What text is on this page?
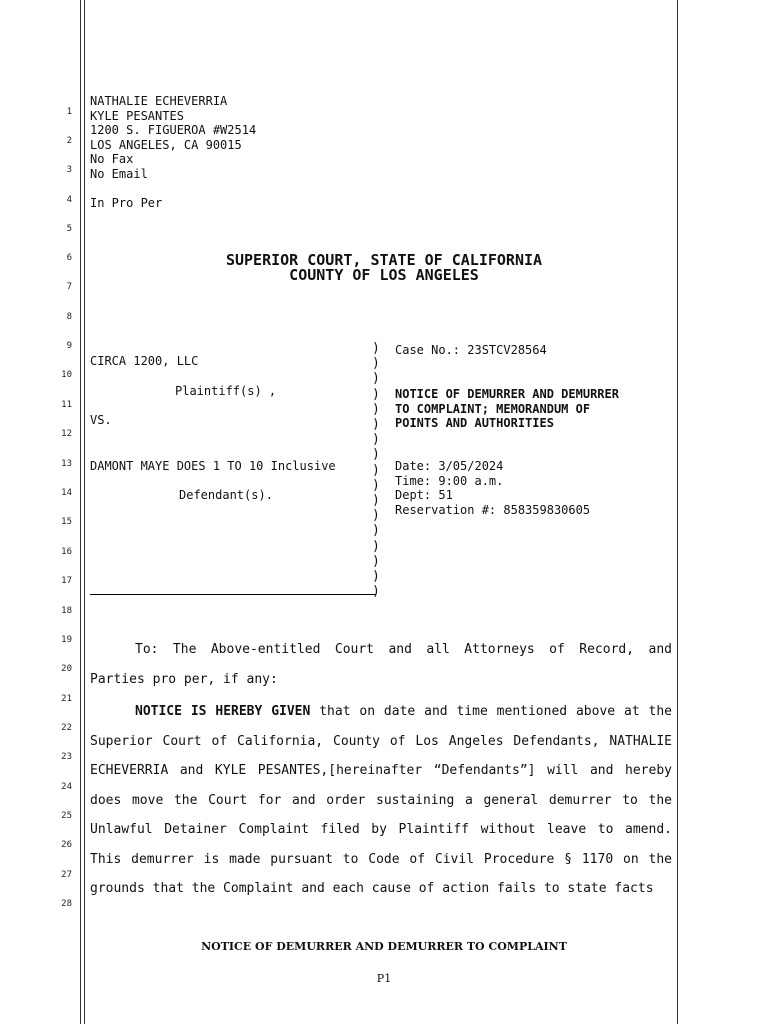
1
2
3
4
5
6
7
8
9
10
11
12
13
14
15
16
17
18
19
20
21
22
23
24
25
26
27
28
NATHALIE ECHEVERRIA
KYLE PESANTES
1200 S. FIGUEROA #W2514
LOS ANGELES, CA 90015
No Fax
No Email
In Pro Per
SUPERIOR COURT, STATE OF CALIFORNIA
COUNTY OF LOS ANGELES
CIRCA 1200, LLC
Plaintiff(s) ,
VS.
DAMONT MAYE DOES 1 TO 10 Inclusive
Defendant(s).
)
)
)
)
)
)
)
)
)
)
)
)
)
)
)
)
)
Case No.: 23STCV28564
NOTICE OF DEMURRER AND DEMURRER
TO COMPLAINT; MEMORANDUM OF
POINTS AND AUTHORITIES
Date: 3/05/2024
Time: 9:00 a.m.
Dept: 51
Reservation #: 858359830605
To: The Above-entitled Court and all Attorneys of Record, and Parties pro per, if any:
NOTICE IS HEREBY GIVEN that on date and time mentioned above at the Superior Court of California, County of Los Angeles Defendants, NATHALIE ECHEVERRIA and KYLE PESANTES,[hereinafter “Defendants”] will and hereby does move the Court for and order sustaining a general demurrer to the Unlawful Detainer Complaint filed by Plaintiff without leave to amend. This demurrer is made pursuant to Code of Civil Procedure § 1170 on the grounds that the Complaint and each cause of action fails to state facts
NOTICE OF DEMURRER AND DEMURRER TO COMPLAINT
P1
